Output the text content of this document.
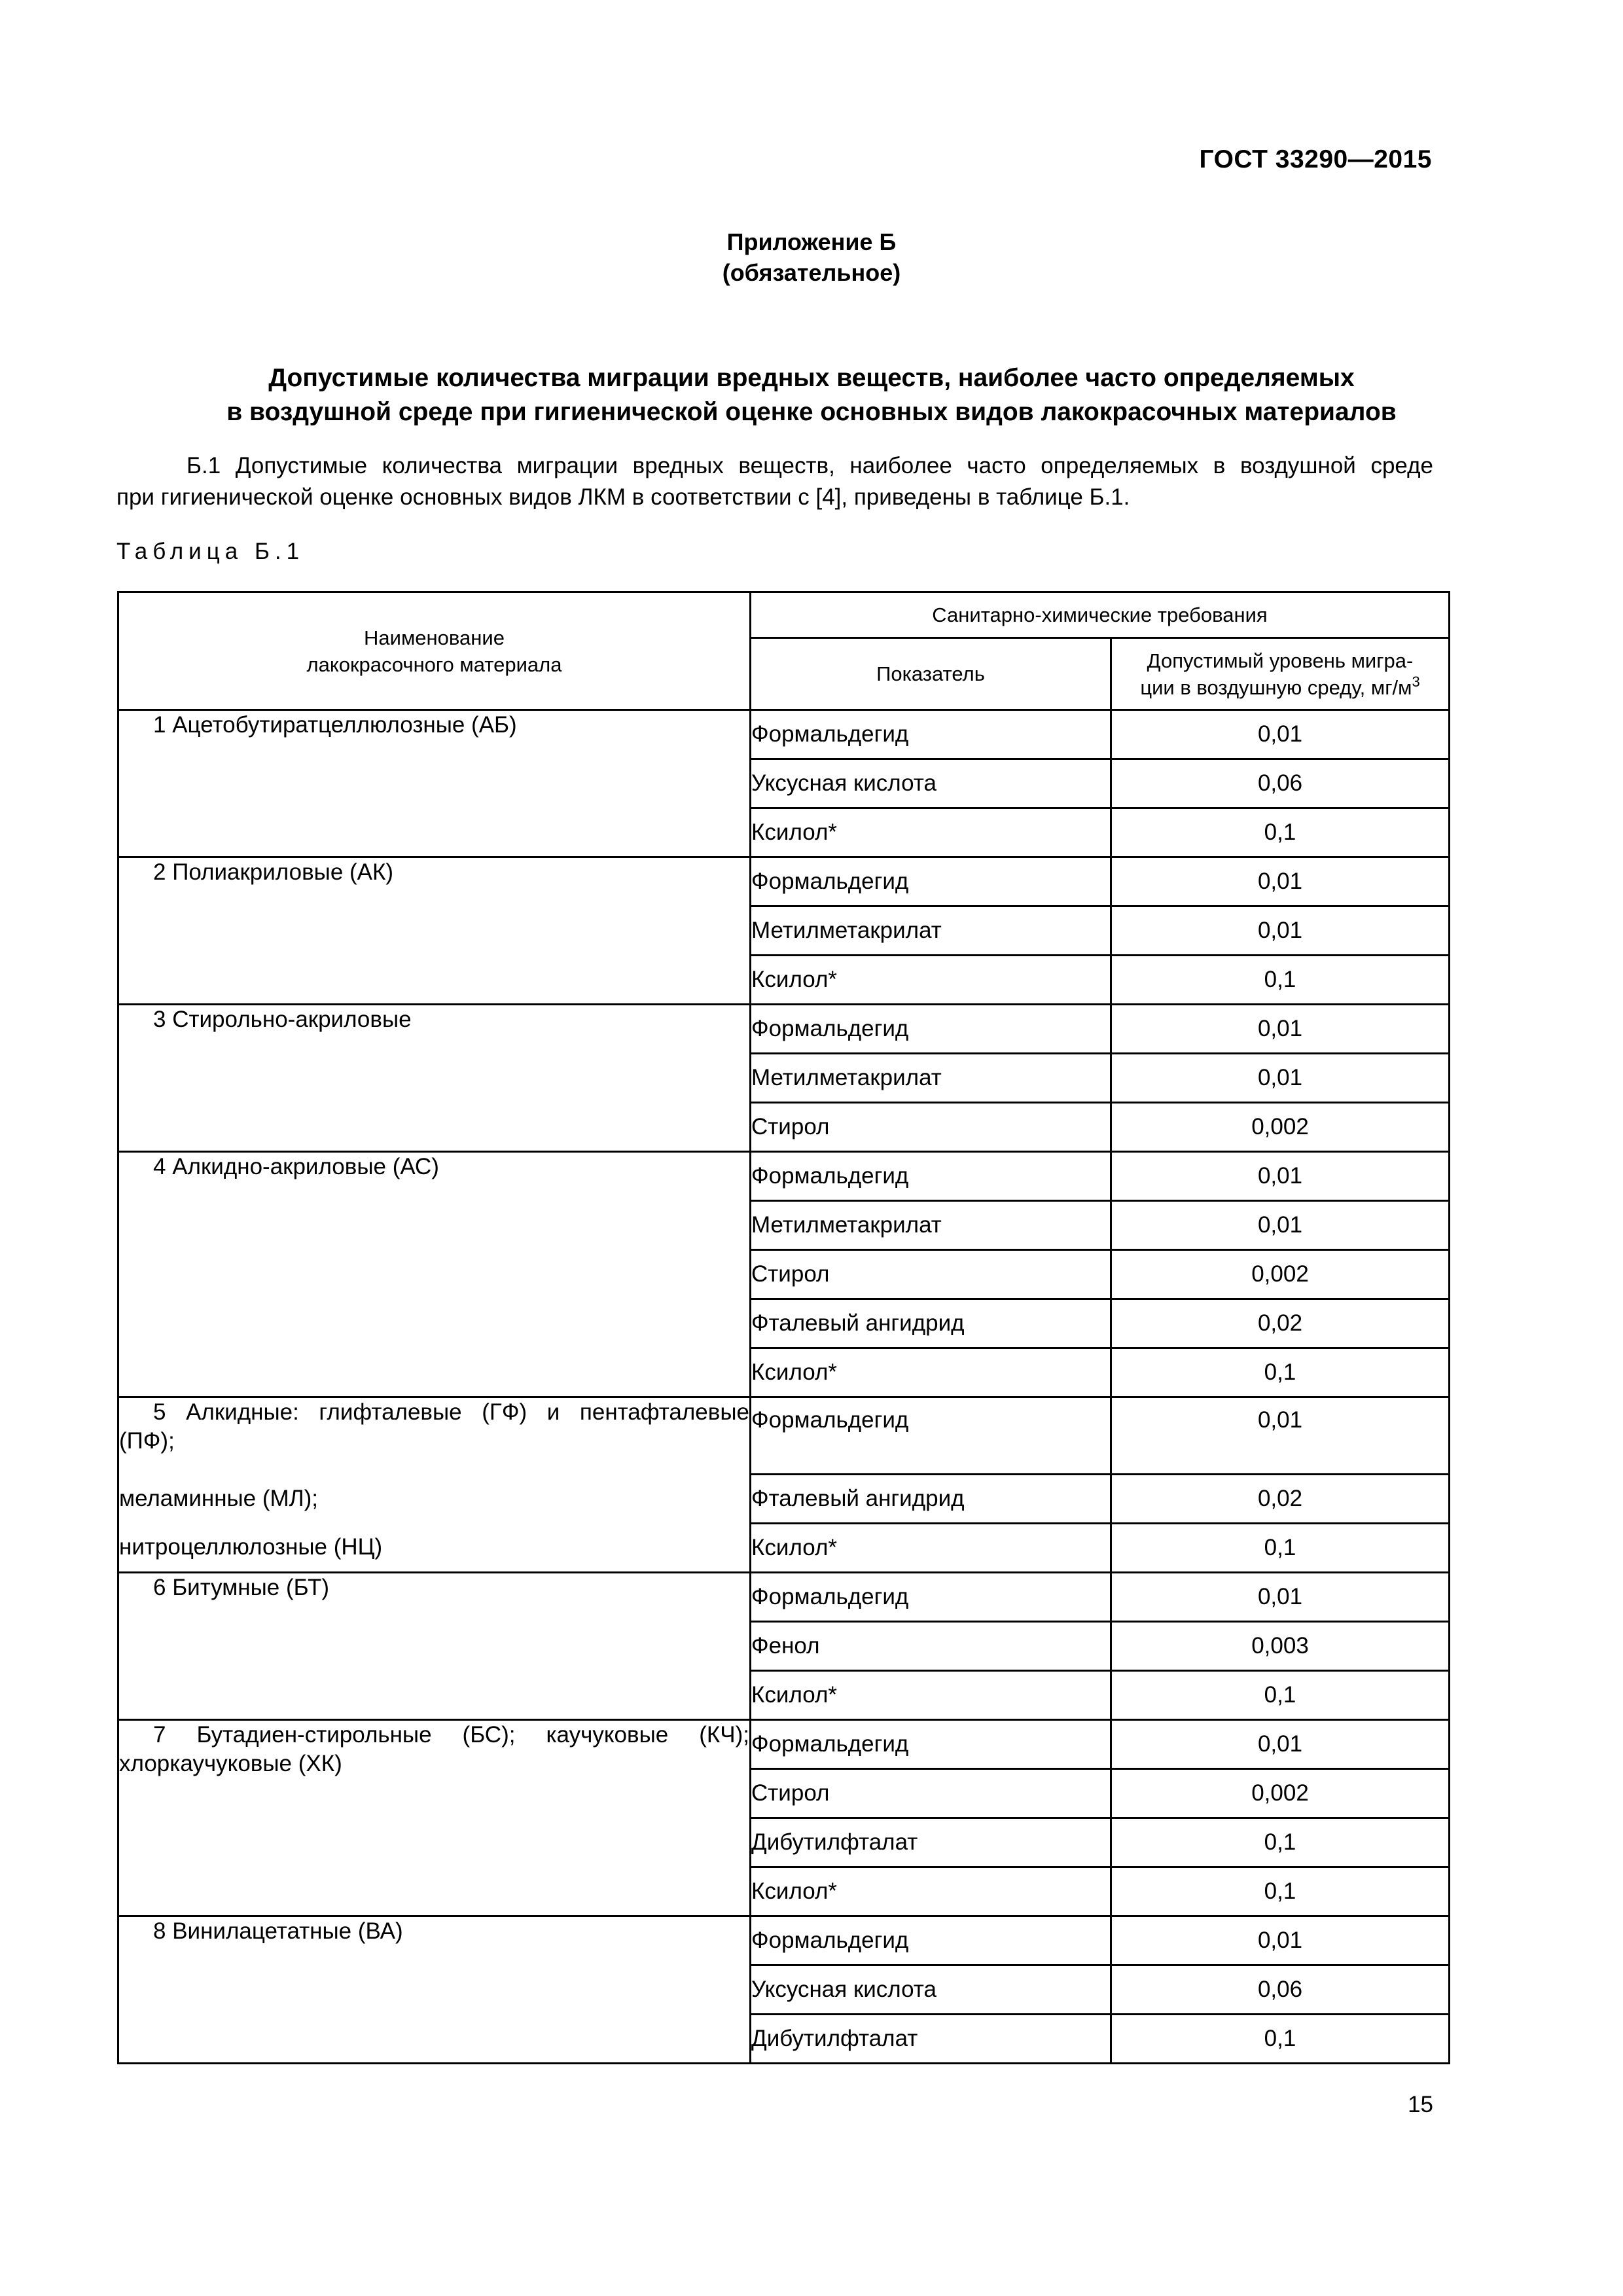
ГОСТ 33290—2015
Приложение Б
(обязательное)
Допустимые количества миграции вредных веществ, наиболее часто определяемых
в воздушной среде при гигиенической оценке основных видов лакокрасочных материалов
Б.1 Допустимые количества миграции вредных веществ, наиболее часто определяемых в воздушной среде
при гигиенической оценке основных видов ЛКМ в соответствии с [4], приведены в таблице Б.1.
Таблица Б.1
Наименование
лакокрасочного материала	Санитарно-химические требования	
	Показатель	Допустимый уровень мигра-
ции в воздушную среду, $мг/м^3$

1 Ацетобутиратцеллюлозные (АБ)	Формальдегид	0,01
	Уксусная кислота	0,06
	Ксилол*	0,1

2 Полиакриловые (АК)	Формальдегид	0,01
	Метилметакрилат	0,01
	Ксилол*	0,1

3 Стирольно-акриловые	Формальдегид	0,01
	Метилметакрилат	0,01
	Стирол	0,002

4 Алкидно-акриловые (АС)	Формальдегид	0,01
	Метилметакрилат	0,01
	Стирол	0,002
	Фталевый ангидрид	0,02
	Ксилол*	0,1

5 Алкидные: глифталевые (ГФ) и пентафталевые
(ПФ);	Формальдегид	0,01
меламинные (МЛ);	Фталевый ангидрид	0,02
нитроцеллюлозные (НЦ)	Ксилол*	0,1

6 Битумные (БТ)	Формальдегид	0,01
	Фенол	0,003
	Ксилол*	0,1

7 Бутадиен-стирольные (БС); каучуковые (КЧ);
хлоркаучуковые (ХК)	Формальдегид	0,01
	Стирол	0,002
	Дибутилфталат	0,1
	Ксилол*	0,1

8 Винилацетатные (ВА)	Формальдегид	0,01
	Уксусная кислота	0,06
	Дибутилфталат	0,1
15
